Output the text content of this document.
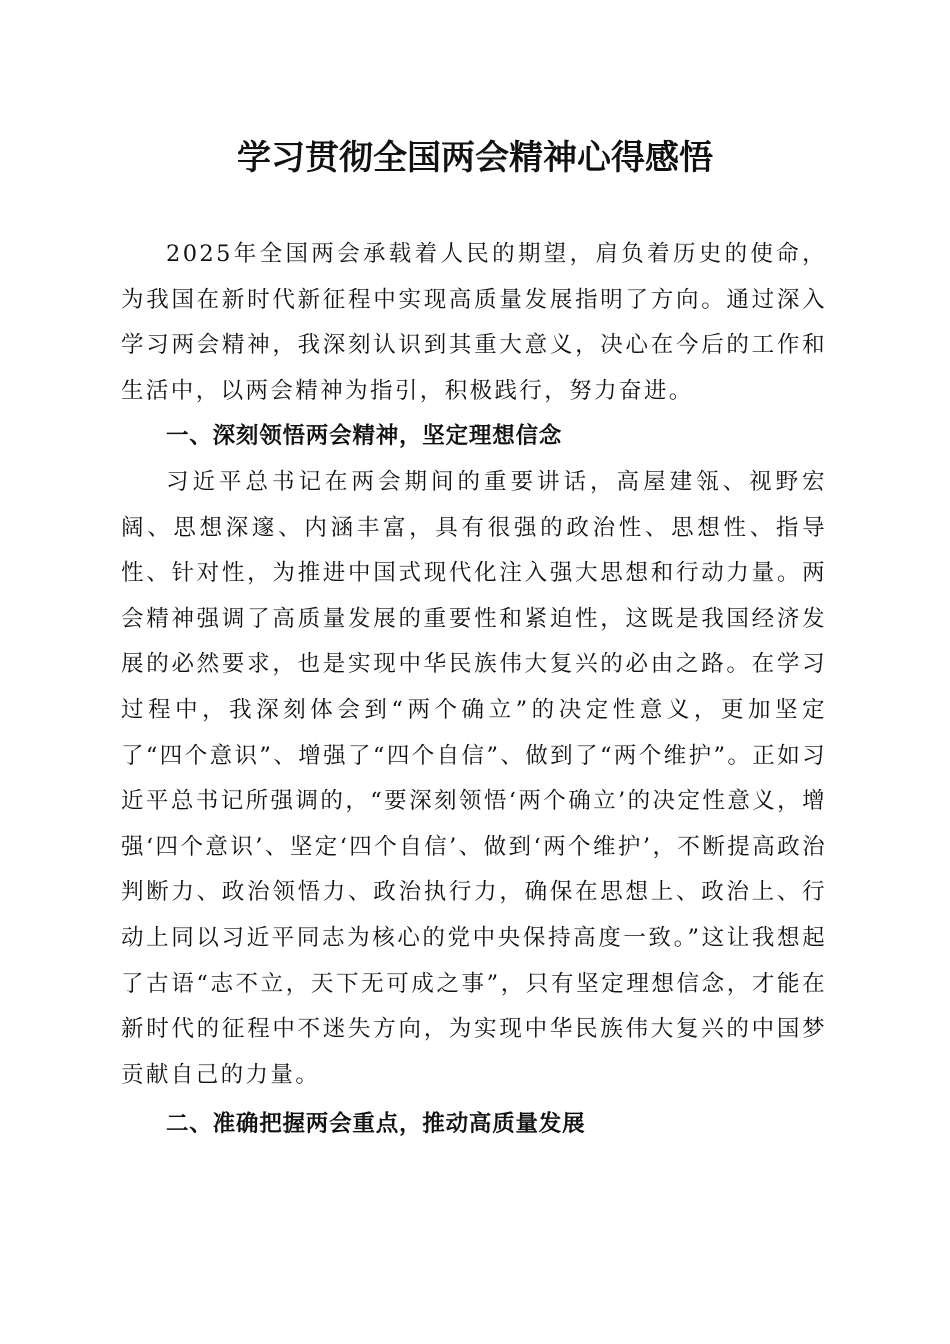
学习贯彻全国两会精神心得感悟

2025年全国两会承载着人民的期望，肩负着历史的使命，为我国在新时代新征程中实现高质量发展指明了方向。通过深入学习两会精神，我深刻认识到其重大意义，决心在今后的工作和生活中，以两会精神为指引，积极践行，努力奋进。

一、深刻领悟两会精神，坚定理想信念

习近平总书记在两会期间的重要讲话，高屋建瓴、视野宏阔、思想深邃、内涵丰富，具有很强的政治性、思想性、指导性、针对性，为推进中国式现代化注入强大思想和行动力量。两会精神强调了高质量发展的重要性和紧迫性，这既是我国经济发展的必然要求，也是实现中华民族伟大复兴的必由之路。在学习过程中，我深刻体会到“两个确立”的决定性意义，更加坚定了“四个意识”、增强了“四个自信”、做到了“两个维护”。正如习近平总书记所强调的，“要深刻领悟‘两个确立’的决定性意义，增强‘四个意识’、坚定‘四个自信’、做到‘两个维护’，不断提高政治判断力、政治领悟力、政治执行力，确保在思想上、政治上、行动上同以习近平同志为核心的党中央保持高度一致。”这让我想起了古语“志不立，天下无可成之事”，只有坚定理想信念，才能在新时代的征程中不迷失方向，为实现中华民族伟大复兴的中国梦贡献自己的力量。

二、准确把握两会重点，推动高质量发展
